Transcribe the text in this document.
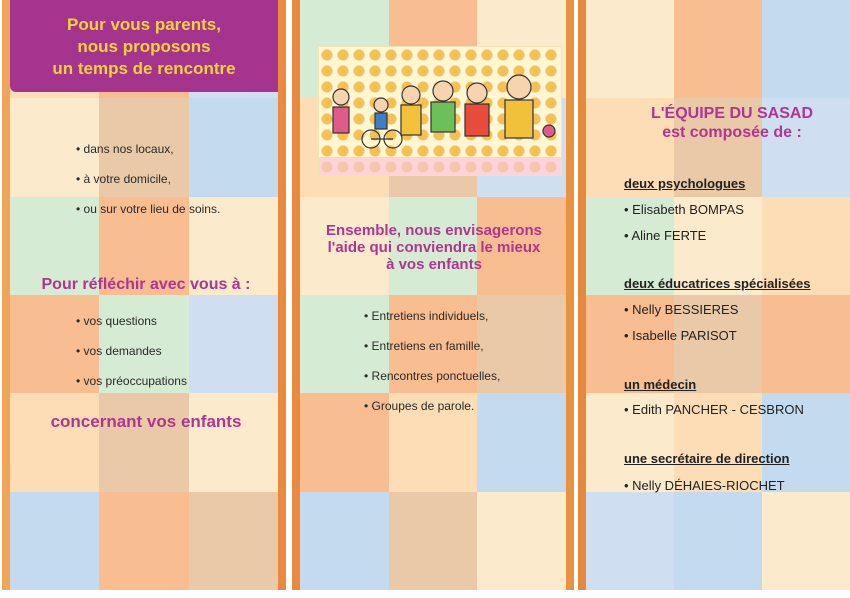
Pour vous parents,
nous proposons
un temps de rencontre
• dans nos locaux,
• à votre domicile,
• ou sur votre lieu de soins.
Pour réfléchir avec vous à :
• vos questions
• vos demandes
• vos préoccupations
concernant vos enfants
Ensemble, nous envisagerons
l'aide qui conviendra le mieux
à vos enfants
• Entretiens individuels,
• Entretiens en famille,
• Rencontres ponctuelles,
• Groupes de parole.
L'ÉQUIPE DU SASAD
est composée de :
deux psychologues
• Elisabeth BOMPAS
• Aline FERTE
deux éducatrices spécialisées
• Nelly BESSIERES
• Isabelle PARISOT
un médecin
• Edith PANCHER - CESBRON
une secrétaire de direction
• Nelly DÉHAIES-RIOCHET
